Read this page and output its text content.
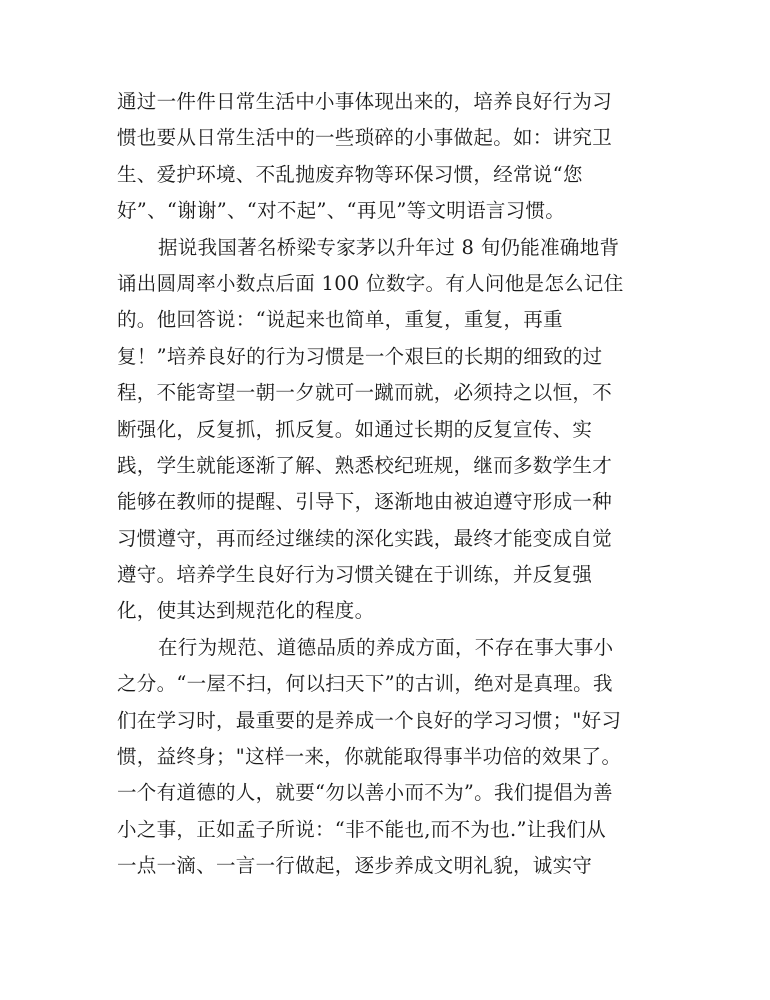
通过一件件日常生活中小事体现出来的，培养良好行为习
惯也要从日常生活中的一些琐碎的小事做起。如：讲究卫
生、爱护环境、不乱抛废弃物等环保习惯，经常说“您
好”、“谢谢”、“对不起”、“再见”等文明语言习惯。
据说我国著名桥梁专家茅以升年过 8 旬仍能准确地背
诵出圆周率小数点后面 100 位数字。有人问他是怎么记住
的。他回答说：“说起来也简单，重复，重复，再重
复！”培养良好的行为习惯是一个艰巨的长期的细致的过
程，不能寄望一朝一夕就可一蹴而就，必须持之以恒，不
断强化，反复抓，抓反复。如通过长期的反复宣传、实
践，学生就能逐渐了解、熟悉校纪班规，继而多数学生才
能够在教师的提醒、引导下，逐渐地由被迫遵守形成一种
习惯遵守，再而经过继续的深化实践，最终才能变成自觉
遵守。培养学生良好行为习惯关键在于训练，并反复强
化，使其达到规范化的程度。
在行为规范、道德品质的养成方面，不存在事大事小
之分。“一屋不扫，何以扫天下”的古训，绝对是真理。我
们在学习时，最重要的是养成一个良好的学习习惯；"好习
惯，益终身；"这样一来，你就能取得事半功倍的效果了。
一个有道德的人，就要“勿以善小而不为”。我们提倡为善
小之事，正如孟子所说：“非不能也,而不为也.”让我们从
一点一滴、一言一行做起，逐步养成文明礼貌，诚实守
